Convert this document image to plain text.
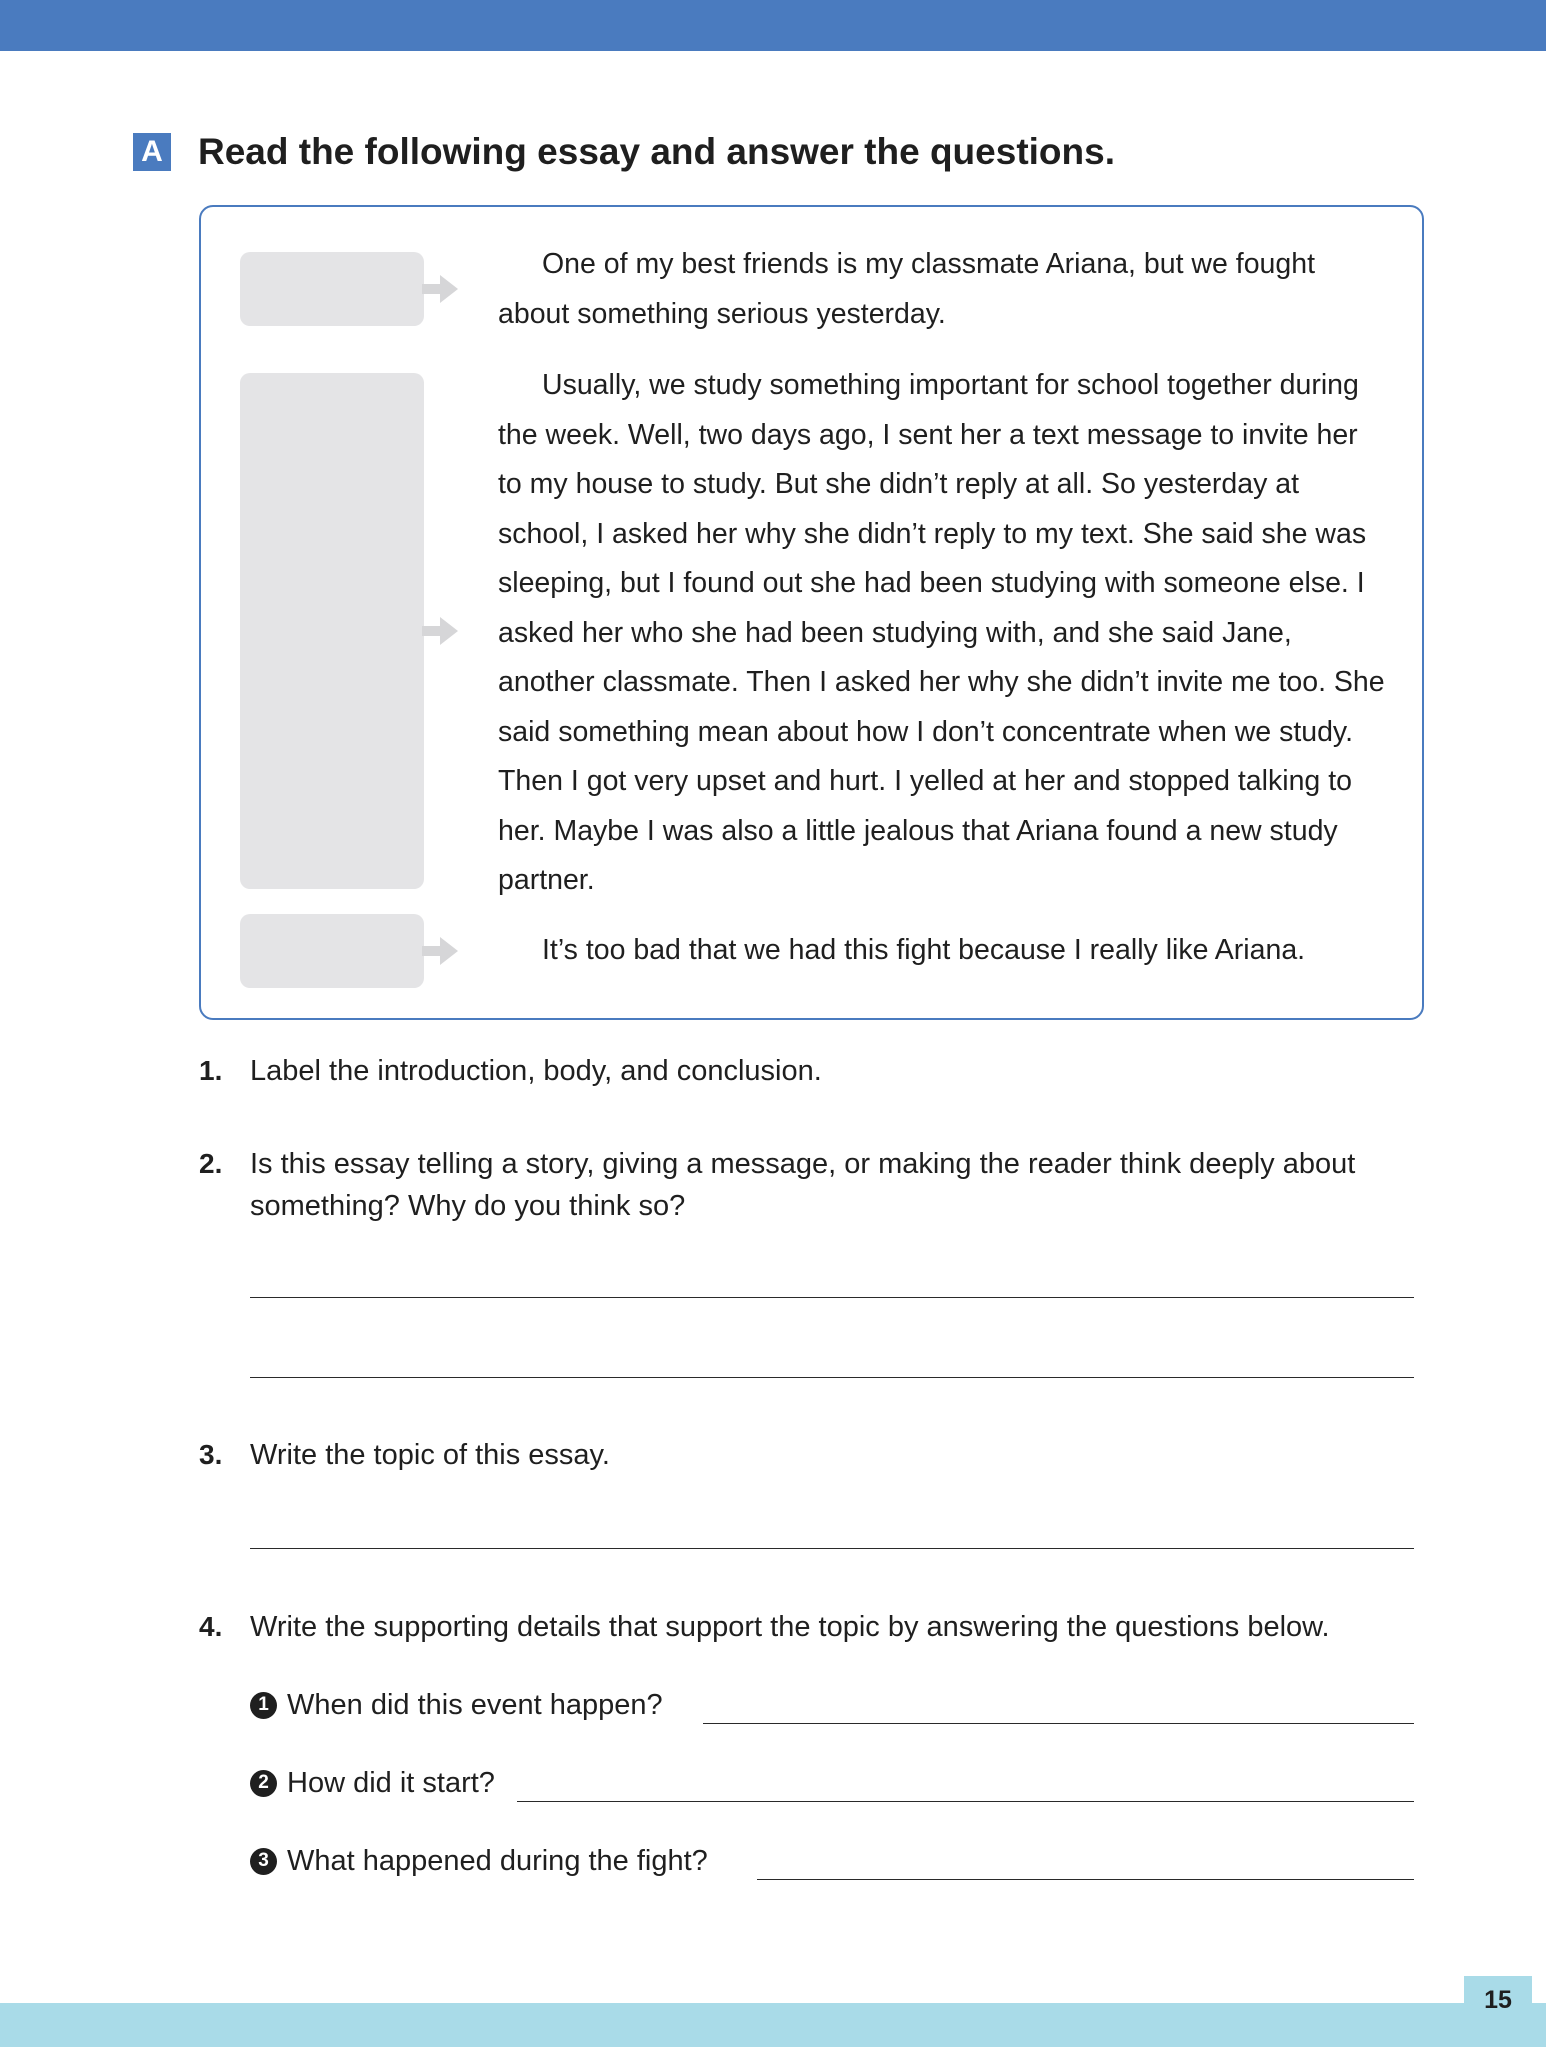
A Read the following essay and answer the questions.

One of my best friends is my classmate Ariana, but we fought about something serious yesterday.

Usually, we study something important for school together during the week. Well, two days ago, I sent her a text message to invite her to my house to study. But she didn’t reply at all. So yesterday at school, I asked her why she didn’t reply to my text. She said she was sleeping, but I found out she had been studying with someone else. I asked her who she had been studying with, and she said Jane, another classmate. Then I asked her why she didn’t invite me too. She said something mean about how I don’t concentrate when we study. Then I got very upset and hurt. I yelled at her and stopped talking to her. Maybe I was also a little jealous that Ariana found a new study partner.

It’s too bad that we had this fight because I really like Ariana.

1. Label the introduction, body, and conclusion.
2. Is this essay telling a story, giving a message, or making the reader think deeply about something? Why do you think so?
3. Write the topic of this essay.
4. Write the supporting details that support the topic by answering the questions below.
1 When did this event happen?
2 How did it start?
3 What happened during the fight?
15
